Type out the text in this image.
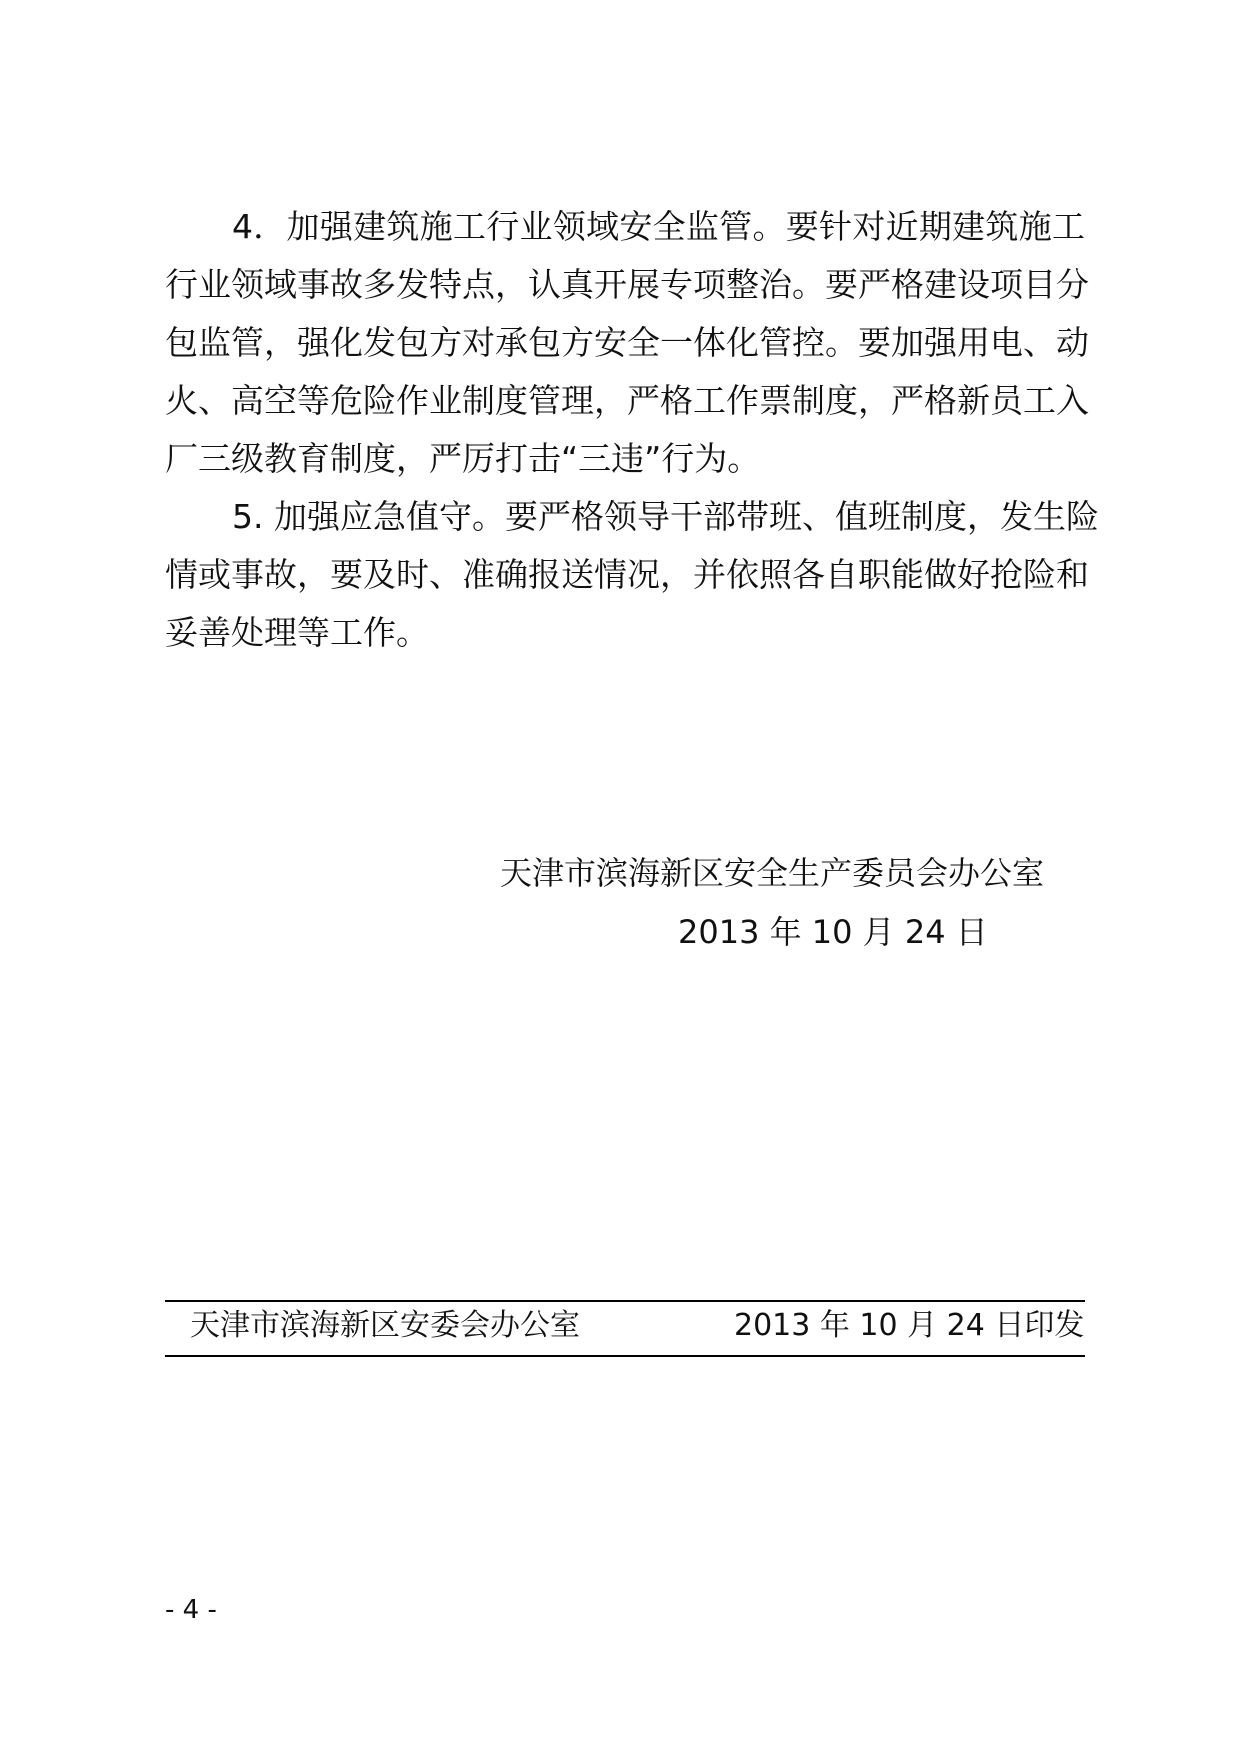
4．加强建筑施工行业领域安全监管。要针对近期建筑施工
行业领域事故多发特点，认真开展专项整治。要严格建设项目分
包监管，强化发包方对承包方安全一体化管控。要加强用电、动
火、高空等危险作业制度管理，严格工作票制度，严格新员工入
厂三级教育制度，严厉打击“三违”行为。
5. 加强应急值守。要严格领导干部带班、值班制度，发生险
情或事故，要及时、准确报送情况，并依照各自职能做好抢险和
妥善处理等工作。
天津市滨海新区安全生产委员会办公室
2013 年 10 月 24 日
天津市滨海新区安委会办公室	2013 年 10 月 24 日印发
- 4 -
